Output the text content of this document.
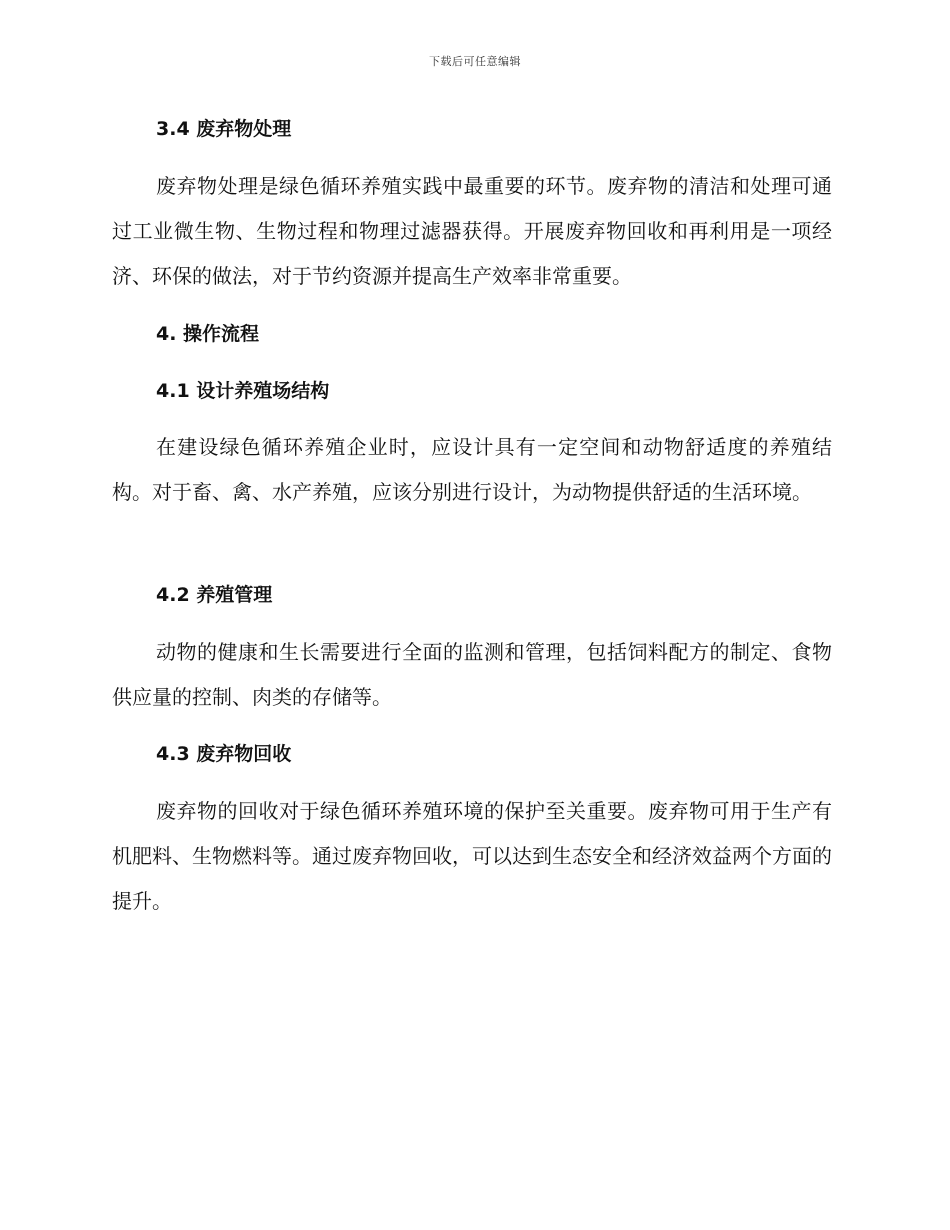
下载后可任意编辑
3.4 废弃物处理
废弃物处理是绿色循环养殖实践中最重要的环节。废弃物的清洁和处理可通过工业微生物、生物过程和物理过滤器获得。开展废弃物回收和再利用是一项经济、环保的做法，对于节约资源并提高生产效率非常重要。
4. 操作流程
4.1 设计养殖场结构
在建设绿色循环养殖企业时，应设计具有一定空间和动物舒适度的养殖结构。对于畜、禽、水产养殖，应该分别进行设计，为动物提供舒适的生活环境。
4.2 养殖管理
动物的健康和生长需要进行全面的监测和管理，包括饲料配方的制定、食物供应量的控制、肉类的存储等。
4.3 废弃物回收
废弃物的回收对于绿色循环养殖环境的保护至关重要。废弃物可用于生产有机肥料、生物燃料等。通过废弃物回收，可以达到生态安全和经济效益两个方面的提升。
